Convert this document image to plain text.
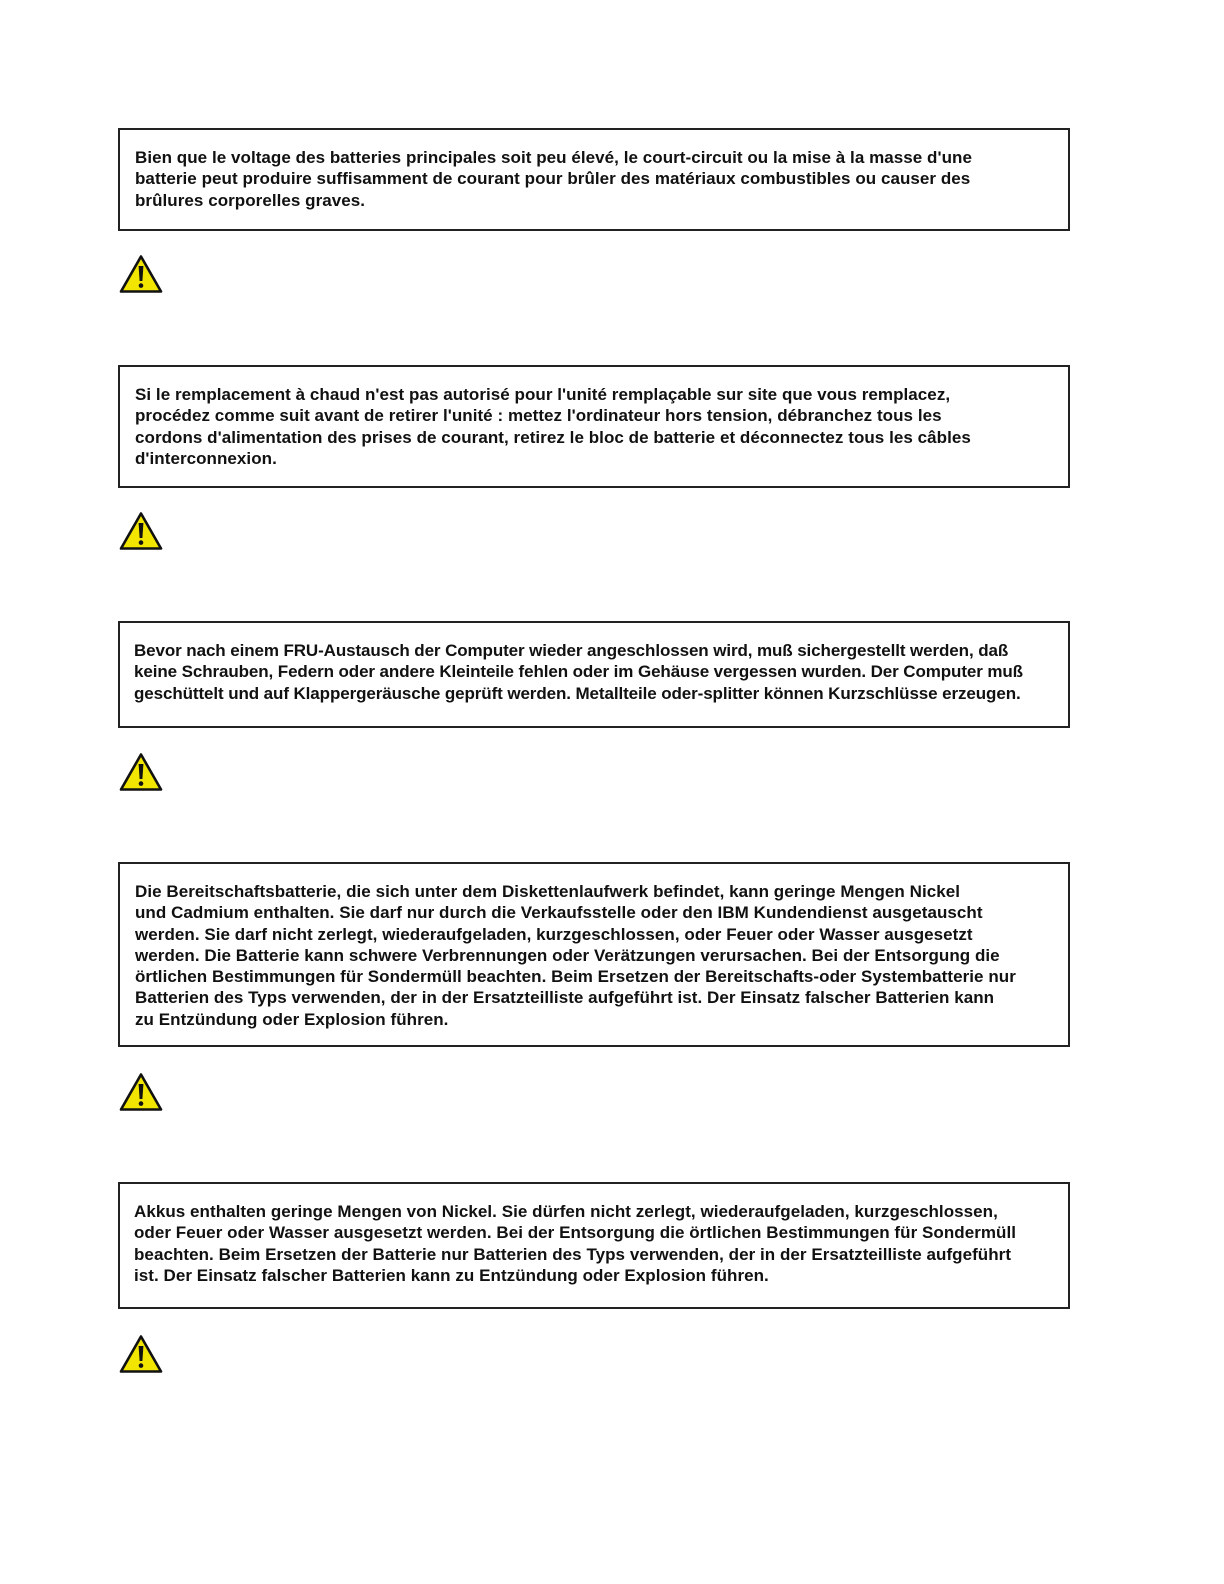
Bien que le voltage des batteries principales soit peu élevé, le court-circuit ou la mise à la masse d'une
batterie peut produire suffisamment de courant pour brûler des matériaux combustibles ou causer des
brûlures corporelles graves.

Si le remplacement à chaud n'est pas autorisé pour l'unité remplaçable sur site que vous remplacez,
procédez comme suit avant de retirer l'unité : mettez l'ordinateur hors tension, débranchez tous les
cordons d'alimentation des prises de courant, retirez le bloc de batterie et déconnectez tous les câbles
d'interconnexion.

Bevor nach einem FRU-Austausch der Computer wieder angeschlossen wird, muß sichergestellt werden, daß
keine Schrauben, Federn oder andere Kleinteile fehlen oder im Gehäuse vergessen wurden. Der Computer muß
geschüttelt und auf Klappergeräusche geprüft werden. Metallteile oder-splitter können Kurzschlüsse erzeugen.

Die Bereitschaftsbatterie, die sich unter dem Diskettenlaufwerk befindet, kann geringe Mengen Nickel
und Cadmium enthalten. Sie darf nur durch die Verkaufsstelle oder den IBM Kundendienst ausgetauscht
werden. Sie darf nicht zerlegt, wiederaufgeladen, kurzgeschlossen, oder Feuer oder Wasser ausgesetzt
werden. Die Batterie kann schwere Verbrennungen oder Verätzungen verursachen. Bei der Entsorgung die
örtlichen Bestimmungen für Sondermüll beachten. Beim Ersetzen der Bereitschafts-oder Systembatterie nur
Batterien des Typs verwenden, der in der Ersatzteilliste aufgeführt ist. Der Einsatz falscher Batterien kann
zu Entzündung oder Explosion führen.

Akkus enthalten geringe Mengen von Nickel. Sie dürfen nicht zerlegt, wiederaufgeladen, kurzgeschlossen,
oder Feuer oder Wasser ausgesetzt werden. Bei der Entsorgung die örtlichen Bestimmungen für Sondermüll
beachten. Beim Ersetzen der Batterie nur Batterien des Typs verwenden, der in der Ersatzteilliste aufgeführt
ist. Der Einsatz falscher Batterien kann zu Entzündung oder Explosion führen.
